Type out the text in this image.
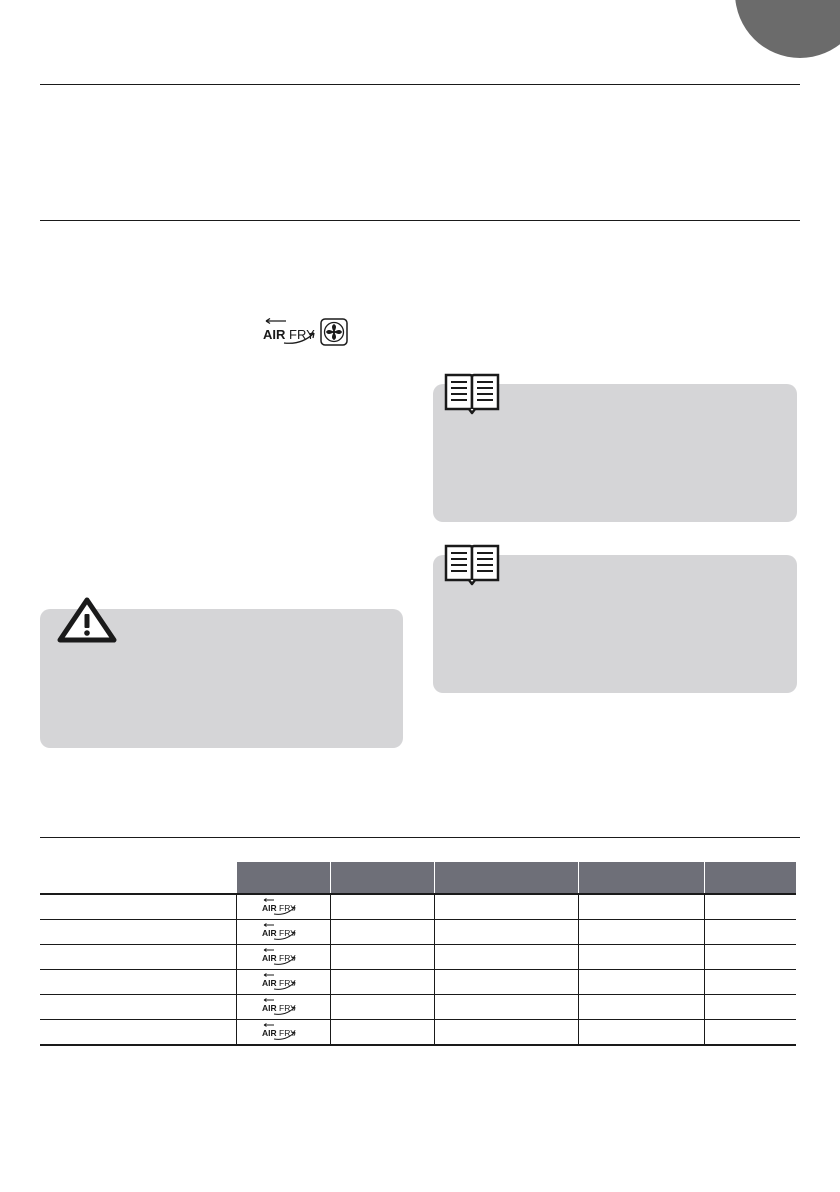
AIR FRY

AIR FRY				

AIR FRY				

AIR FRY				

AIR FRY				

AIR FRY				

AIR FRY				
